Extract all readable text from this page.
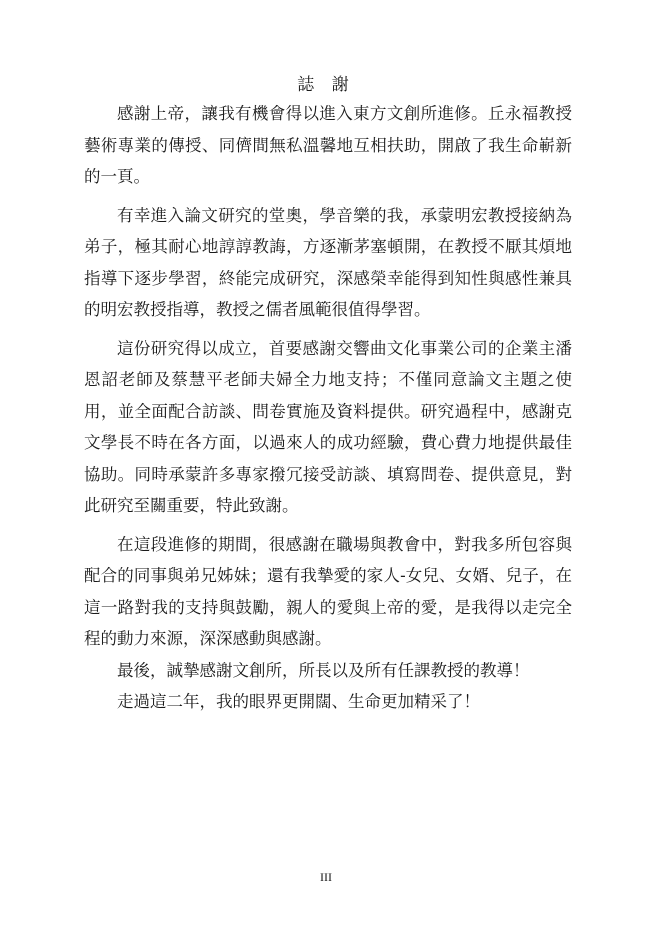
誌 謝

感謝上帝，讓我有機會得以進入東方文創所進修。丘永福教授藝術專業的傳授、同儕間無私溫馨地互相扶助，開啟了我生命嶄新的一頁。

有幸進入論文研究的堂奧，學音樂的我，承蒙明宏教授接納為弟子，極其耐心地諄諄教誨，方逐漸茅塞頓開，在教授不厭其煩地指導下逐步學習，終能完成研究，深感榮幸能得到知性與感性兼具的明宏教授指導，教授之儒者風範很值得學習。

這份研究得以成立，首要感謝交響曲文化事業公司的企業主潘恩詔老師及蔡慧平老師夫婦全力地支持；不僅同意論文主題之使用，並全面配合訪談、問卷實施及資料提供。研究過程中，感謝克文學長不時在各方面，以過來人的成功經驗，費心費力地提供最佳協助。同時承蒙許多專家撥冗接受訪談、填寫問卷、提供意見，對此研究至關重要，特此致謝。

在這段進修的期間，很感謝在職場與教會中，對我多所包容與配合的同事與弟兄姊妹；還有我摯愛的家人-女兒、女婿、兒子，在這一路對我的支持與鼓勵，親人的愛與上帝的愛，是我得以走完全程的動力來源，深深感動與感謝。

最後，誠摯感謝文創所，所長以及所有任課教授的教導！

走過這二年，我的眼界更開闊、生命更加精采了！

III
